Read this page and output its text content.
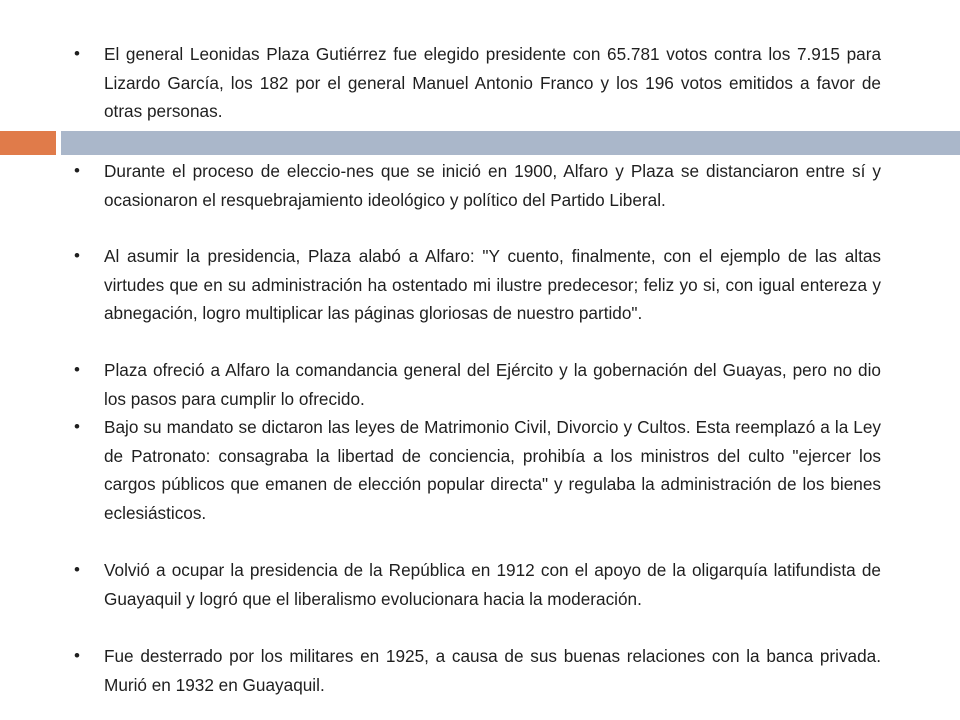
• El general Leonidas Plaza Gutiérrez fue elegido presidente con 65.781 votos contra los 7.915 para Lizardo García, los 182 por el general Manuel Antonio Franco y los 196 votos emitidos a favor de otras personas.
• Durante el proceso de eleccio-nes que se inició en 1900, Alfaro y Plaza se distanciaron entre sí y ocasionaron el resquebrajamiento ideológico y político del Partido Liberal.
• Al asumir la presidencia, Plaza alabó a Alfaro: "Y cuento, finalmente, con el ejemplo de las altas virtudes que en su administración ha ostentado mi ilustre predecesor; feliz yo si, con igual entereza y abnegación, logro multiplicar las páginas gloriosas de nuestro partido".
• Plaza ofreció a Alfaro la comandancia general del Ejército y la gobernación del Guayas, pero no dio los pasos para cumplir lo ofrecido.
• Bajo su mandato se dictaron las leyes de Matrimonio Civil, Divorcio y Cultos. Esta reemplazó a la Ley de Patronato: consagraba la libertad de conciencia, prohibía a los ministros del culto "ejercer los cargos públicos que emanen de elección popular directa" y regulaba la administración de los bienes eclesiásticos.
• Volvió a ocupar la presidencia de la República en 1912 con el apoyo de la oligarquía latifundista de Guayaquil y logró que el liberalismo evolucionara hacia la moderación.
• Fue desterrado por los militares en 1925, a causa de sus buenas relaciones con la banca privada. Murió en 1932 en Guayaquil.
